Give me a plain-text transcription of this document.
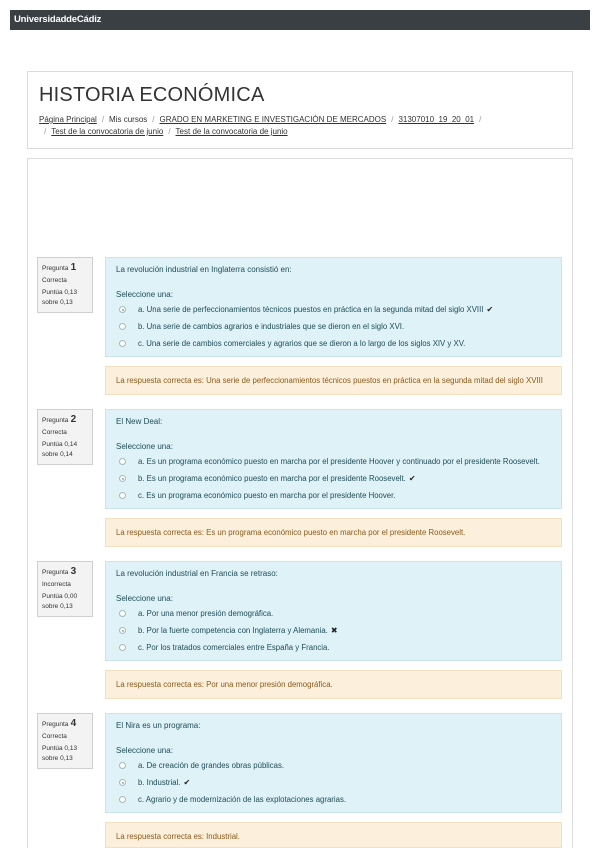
UniversidaddeCádiz
HISTORIA ECONÓMICA
Página Principal / Mis cursos / GRADO EN MARKETING E INVESTIGACIÓN DE MERCADOS / 31307010_19_20_01 /
/ Test de la convocatoria de junio / Test de la convocatoria de junio
Pregunta 1
Correcta
Puntúa 0,13
sobre 0,13
La revolución industrial en Inglaterra consistió en:
Seleccione una:
a. Una serie de perfeccionamientos técnicos puestos en práctica en la segunda mitad del siglo XVIII ✔
b. Una serie de cambios agrarios e industriales que se dieron en el siglo XVI.
c. Una serie de cambios comerciales y agrarios que se dieron a lo largo de los siglos XIV y XV.
La respuesta correcta es: Una serie de perfeccionamientos técnicos puestos en práctica en la segunda mitad del siglo XVIII
Pregunta 2
Correcta
Puntúa 0,14
sobre 0,14
El New Deal:
Seleccione una:
a. Es un programa económico puesto en marcha por el presidente Hoover y continuado por el presidente Roosevelt.
b. Es un programa económico puesto en marcha por el presidente Roosevelt. ✔
c. Es un programa económico puesto en marcha por el presidente Hoover.
La respuesta correcta es: Es un programa económico puesto en marcha por el presidente Roosevelt.
Pregunta 3
Incorrecta
Puntúa 0,00
sobre 0,13
La revolución industrial en Francia se retraso:
Seleccione una:
a. Por una menor presión demográfica.
b. Por la fuerte competencia con Inglaterra y Alemania. ✖
c. Por los tratados comerciales entre España y Francia.
La respuesta correcta es: Por una menor presión demográfica.
Pregunta 4
Correcta
Puntúa 0,13
sobre 0,13
El Nira es un programa:
Seleccione una:
a. De creación de grandes obras públicas.
b. Industrial. ✔
c. Agrario y de modernización de las explotaciones agrarias.
La respuesta correcta es: Industrial.
